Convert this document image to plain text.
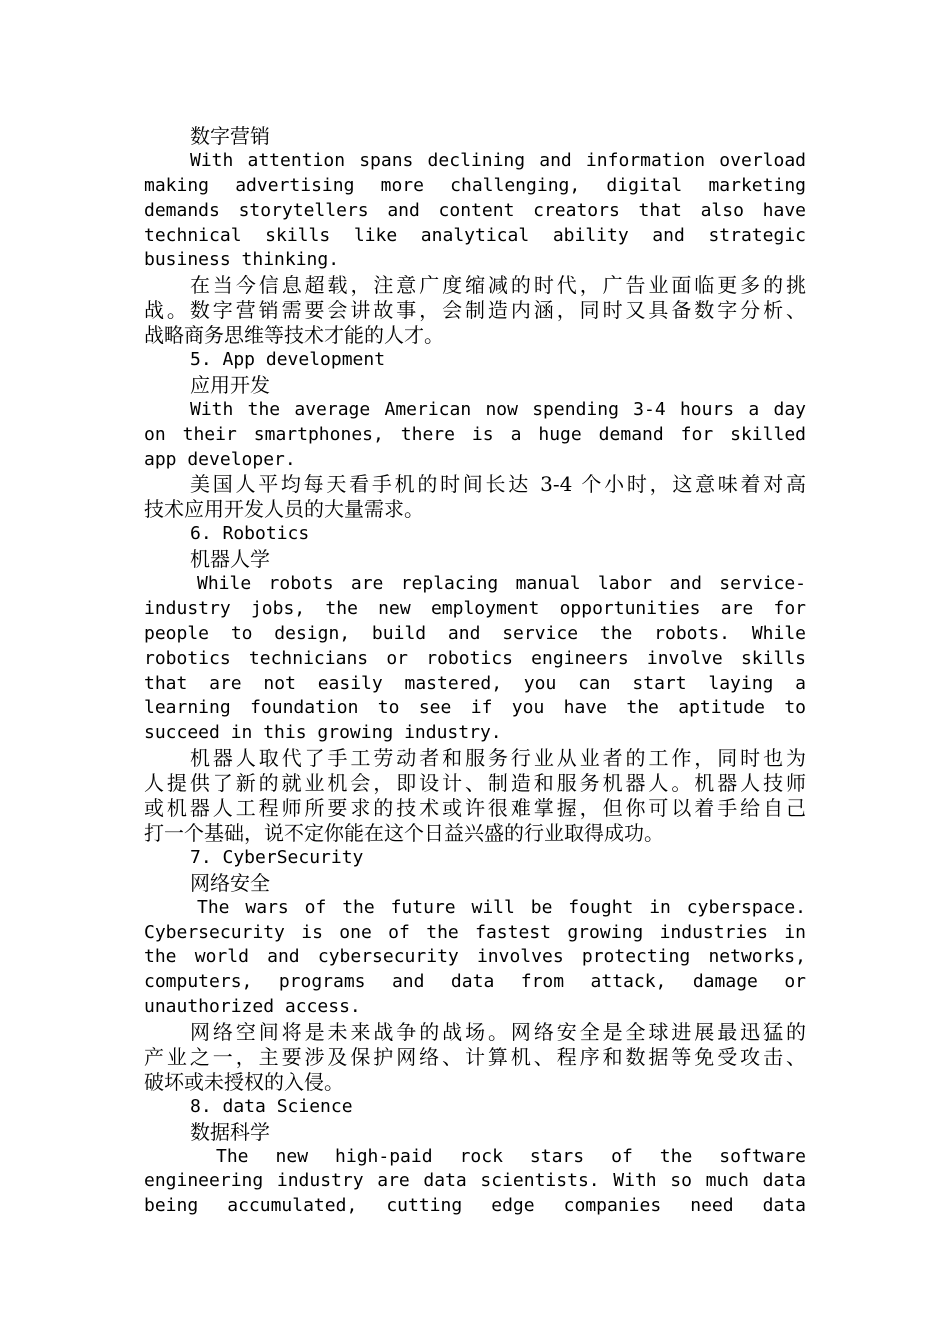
数字营销
With attention spans declining and information overload
making advertising more challenging, digital marketing
demands storytellers and content creators that also have
technical skills like analytical ability and strategic
business thinking.
在当今信息超载，注意广度缩减的时代，广告业面临更多的挑
战。数字营销需要会讲故事，会制造内涵，同时又具备数字分析、
战略商务思维等技术才能的人才。
5. App development
应用开发
With the average American now spending 3-4 hours a day
on their smartphones, there is a huge demand for skilled
app developer.
美国人平均每天看手机的时间长达 3-4 个小时，这意味着对高
技术应用开发人员的大量需求。
6. Robotics
机器人学
While robots are replacing manual labor and service-
industry jobs, the new employment opportunities are for
people to design, build and service the robots. While
robotics technicians or robotics engineers involve skills
that are not easily mastered, you can start laying a
learning foundation to see if you have the aptitude to
succeed in this growing industry.
机器人取代了手工劳动者和服务行业从业者的工作，同时也为
人提供了新的就业机会，即设计、制造和服务机器人。机器人技师
或机器人工程师所要求的技术或许很难掌握，但你可以着手给自己
打一个基础，说不定你能在这个日益兴盛的行业取得成功。
7. CyberSecurity
网络安全
The wars of the future will be fought in cyberspace.
Cybersecurity is one of the fastest growing industries in
the world and cybersecurity involves protecting networks,
computers, programs and data from attack, damage or
unauthorized access.
网络空间将是未来战争的战场。网络安全是全球进展最迅猛的
产业之一，主要涉及保护网络、计算机、程序和数据等免受攻击、
破坏或未授权的入侵。
8. data Science
数据科学
The new high-paid rock stars of the software
engineering industry are data scientists. With so much data
being accumulated, cutting edge companies need data
